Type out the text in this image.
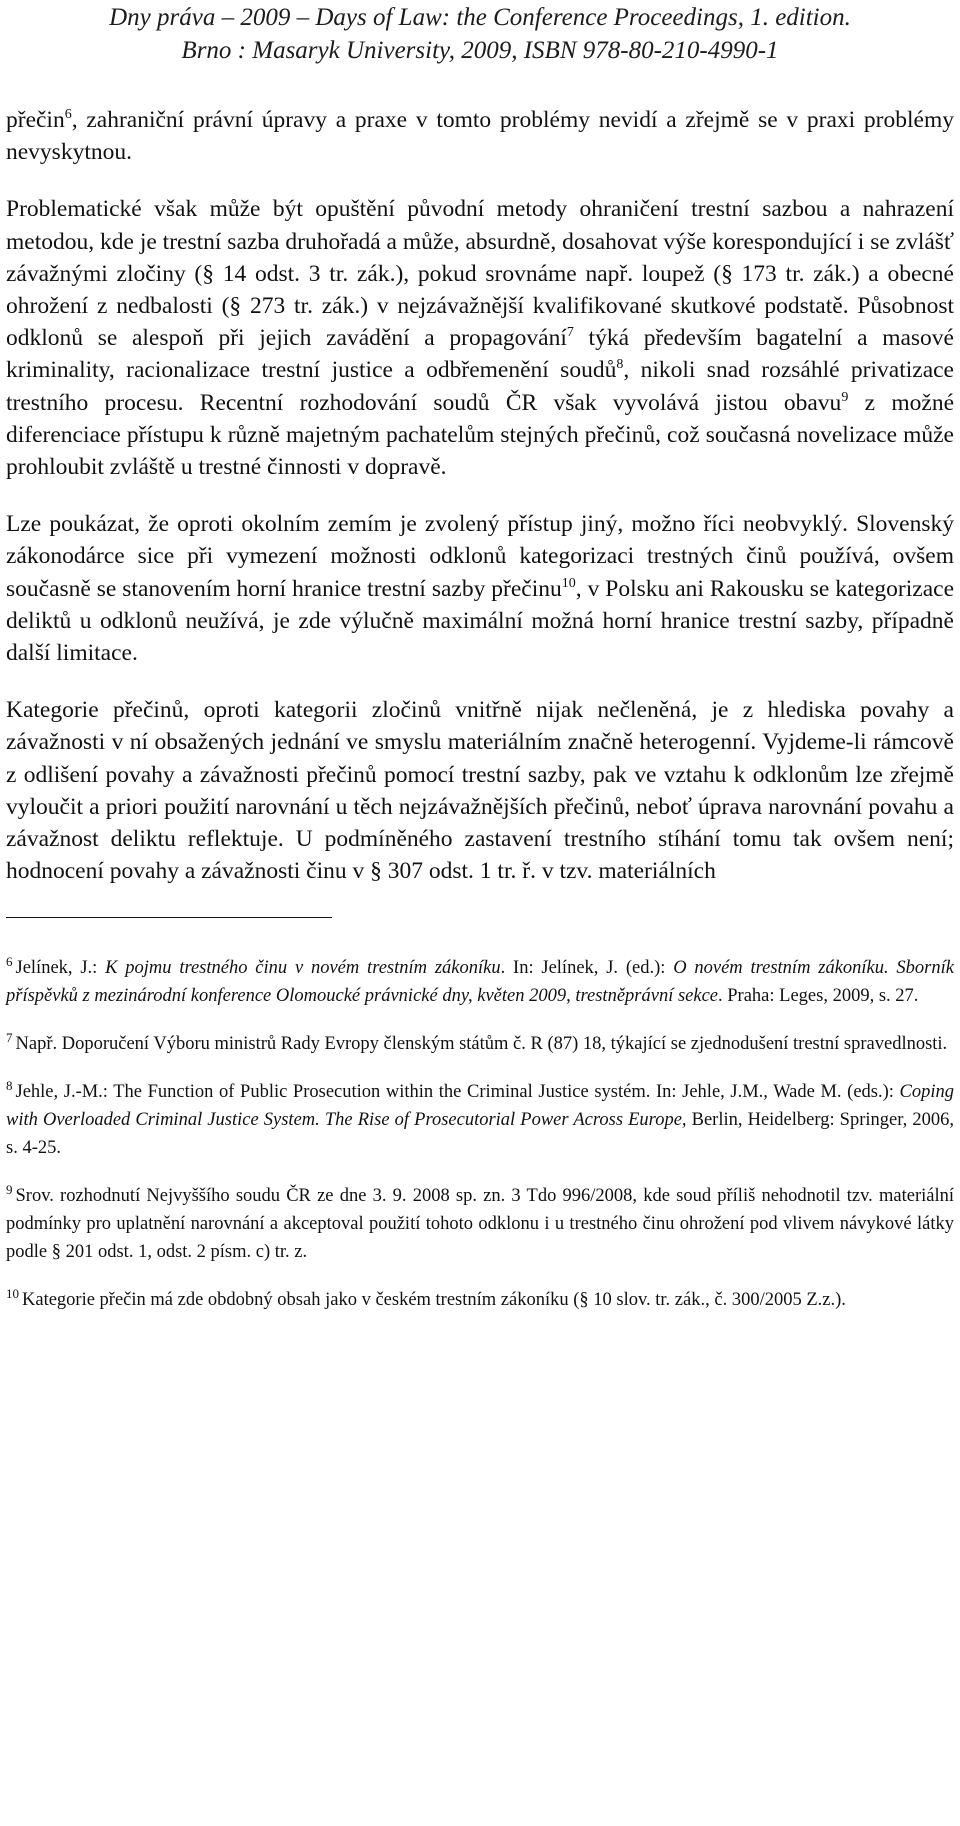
Dny práva – 2009 – Days of Law: the Conference Proceedings, 1. edition.
Brno : Masaryk University, 2009, ISBN 978-80-210-4990-1

přečin$^6$, zahraniční právní úpravy a praxe v tomto problémy nevidí a zřejmě se v praxi problémy nevyskytnou.

Problematické však může být opuštění původní metody ohraničení trestní sazbou a nahrazení metodou, kde je trestní sazba druhořadá a může, absurdně, dosahovat výše korespondující i se zvlášť závažnými zločiny (§ 14 odst. 3 tr. zák.), pokud srovnáme např. loupež (§ 173 tr. zák.) a obecné ohrožení z nedbalosti (§ 273 tr. zák.) v nejzávažnější kvalifikované skutkové podstatě. Působnost odklonů se alespoň při jejich zavádění a propagování$^7$ týká především bagatelní a masové kriminality, racionalizace trestní justice a odbřemenění soudů$^8$, nikoli snad rozsáhlé privatizace trestního procesu. Recentní rozhodování soudů ČR však vyvolává jistou obavu$^9$ z možné diferenciace přístupu k různě majetným pachatelům stejných přečinů, což současná novelizace může prohloubit zvláště u trestné činnosti v dopravě.

Lze poukázat, že oproti okolním zemím je zvolený přístup jiný, možno říci neobvyklý. Slovenský zákonodárce sice při vymezení možnosti odklonů kategorizaci trestných činů používá, ovšem současně se stanovením horní hranice trestní sazby přečinu$^{10}$, v Polsku ani Rakousku se kategorizace deliktů u odklonů neužívá, je zde výlučně maximální možná horní hranice trestní sazby, případně další limitace.

Kategorie přečinů, oproti kategorii zločinů vnitřně nijak nečleněná, je z hlediska povahy a závažnosti v ní obsažených jednání ve smyslu materiálním značně heterogenní. Vyjdeme-li rámcově z odlišení povahy a závažnosti přečinů pomocí trestní sazby, pak ve vztahu k odklonům lze zřejmě vyloučit a priori použití narovnání u těch nejzávažnějších přečinů, neboť úprava narovnání povahu a závažnost deliktu reflektuje. U podmíněného zastavení trestního stíhání tomu tak ovšem není; hodnocení povahy a závažnosti činu v § 307 odst. 1 tr. ř. v tzv. materiálních

$^6$ Jelínek, J.: K pojmu trestného činu v novém trestním zákoníku. In: Jelínek, J. (ed.): O novém trestním zákoníku. Sborník příspěvků z mezinárodní konference Olomoucké právnické dny, květen 2009, trestněprávní sekce. Praha: Leges, 2009, s. 27.

$^7$ Např. Doporučení Výboru ministrů Rady Evropy členským státům č. R (87) 18, týkající se zjednodušení trestní spravedlnosti.

$^8$ Jehle, J.-M.: The Function of Public Prosecution within the Criminal Justice systém. In: Jehle, J.M., Wade M. (eds.): Coping with Overloaded Criminal Justice System. The Rise of Prosecutorial Power Across Europe, Berlin, Heidelberg: Springer, 2006, s. 4-25.

$^9$ Srov. rozhodnutí Nejvyššího soudu ČR ze dne 3. 9. 2008 sp. zn. 3 Tdo 996/2008, kde soud příliš nehodnotil tzv. materiální podmínky pro uplatnění narovnání a akceptoval použití tohoto odklonu i u trestného činu ohrožení pod vlivem návykové látky podle § 201 odst. 1, odst. 2 písm. c) tr. z.

$^{10}$ Kategorie přečin má zde obdobný obsah jako v českém trestním zákoníku (§ 10 slov. tr. zák., č. 300/2005 Z.z.).
